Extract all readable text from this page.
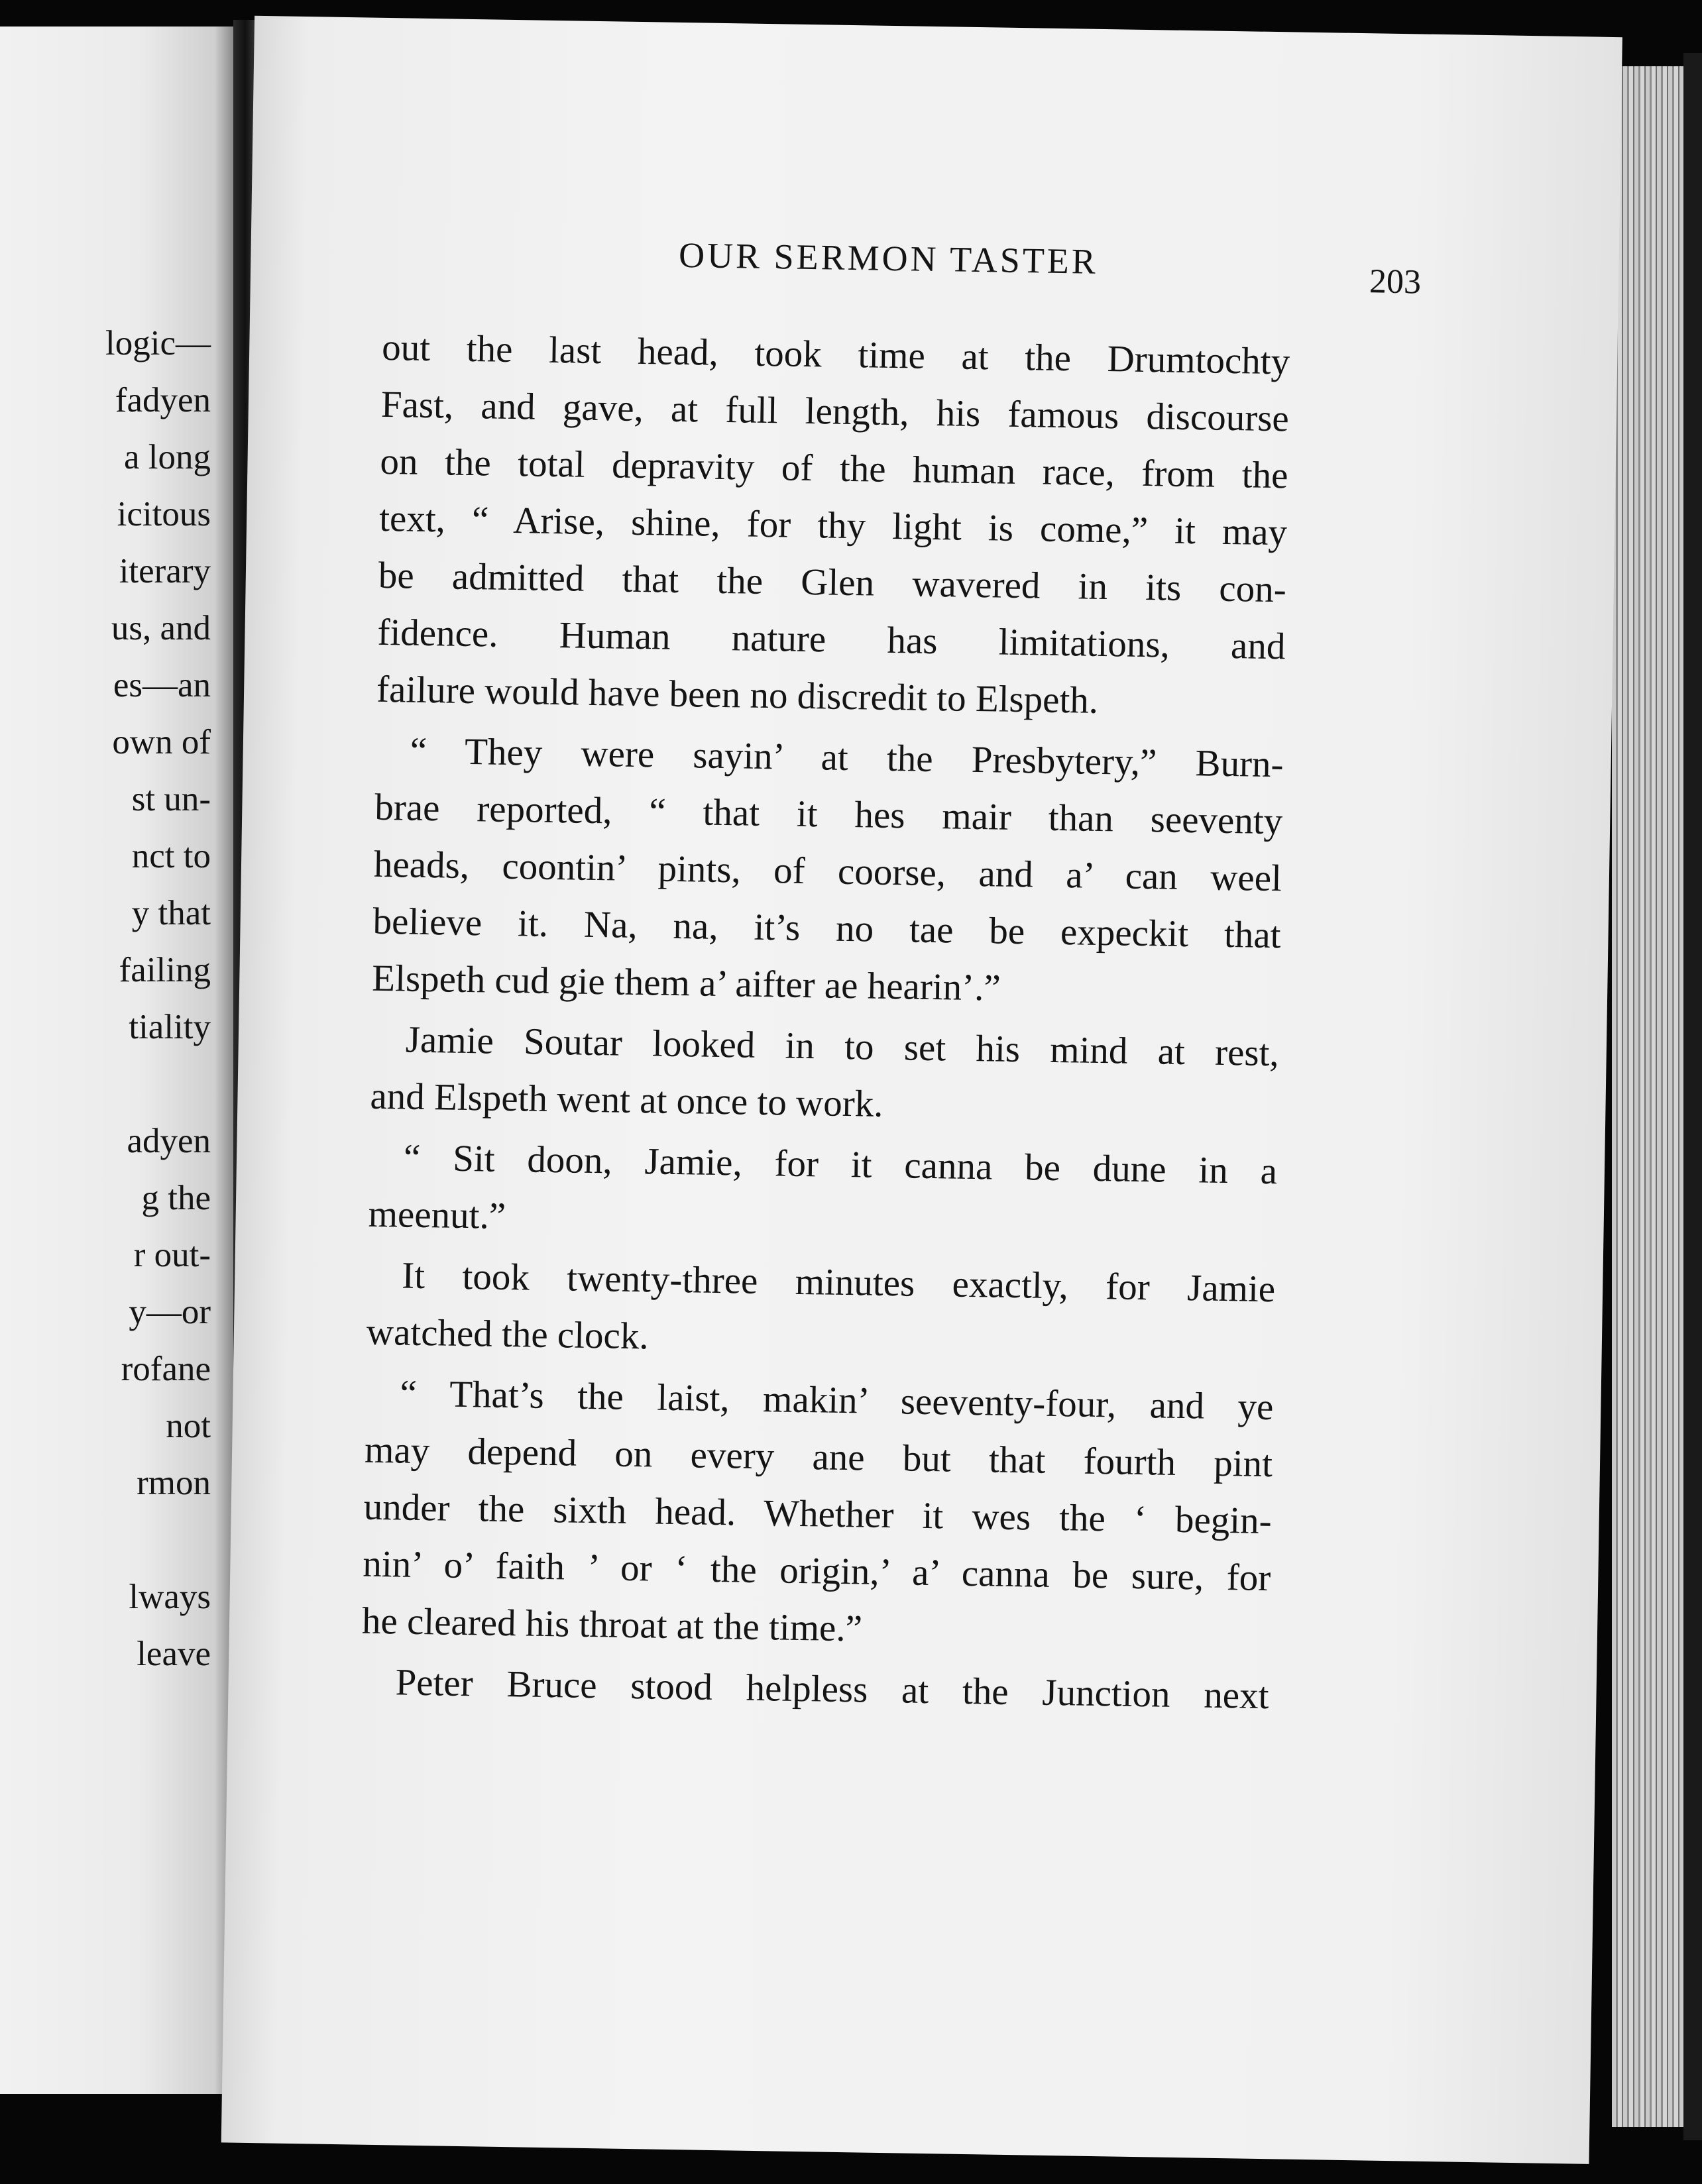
logic—
fadyen
a long
icitous
iterary
us, and
es—an
own of
st un-
nct to
y that
failing
tiality
adyen
g the
r out-
y—or
rofane
not
rmon
lways
leave
OUR SERMON TASTER
203
out the last head, took time at the Drumtochty
Fast, and gave, at full length, his famous discourse
on the total depravity of the human race, from the
text, “ Arise, shine, for thy light is come,” it may
be admitted that the Glen wavered in its con-
fidence. Human nature has limitations, and
failure would have been no discredit to Elspeth.
“ They were sayin’ at the Presbytery,” Burn-
brae reported, “ that it hes mair than seeventy
heads, coontin’ pints, of coorse, and a’ can weel
believe it. Na, na, it’s no tae be expeckit that
Elspeth cud gie them a’ aifter ae hearin’.”
Jamie Soutar looked in to set his mind at rest,
and Elspeth went at once to work.
“ Sit doon, Jamie, for it canna be dune in a
meenut.”
It took twenty-three minutes exactly, for Jamie
watched the clock.
“ That’s the laist, makin’ seeventy-four, and ye
may depend on every ane but that fourth pint
under the sixth head. Whether it wes the ‘ begin-
nin’ o’ faith ’ or ‘ the origin,’ a’ canna be sure, for
he cleared his throat at the time.”
Peter Bruce stood helpless at the Junction next
